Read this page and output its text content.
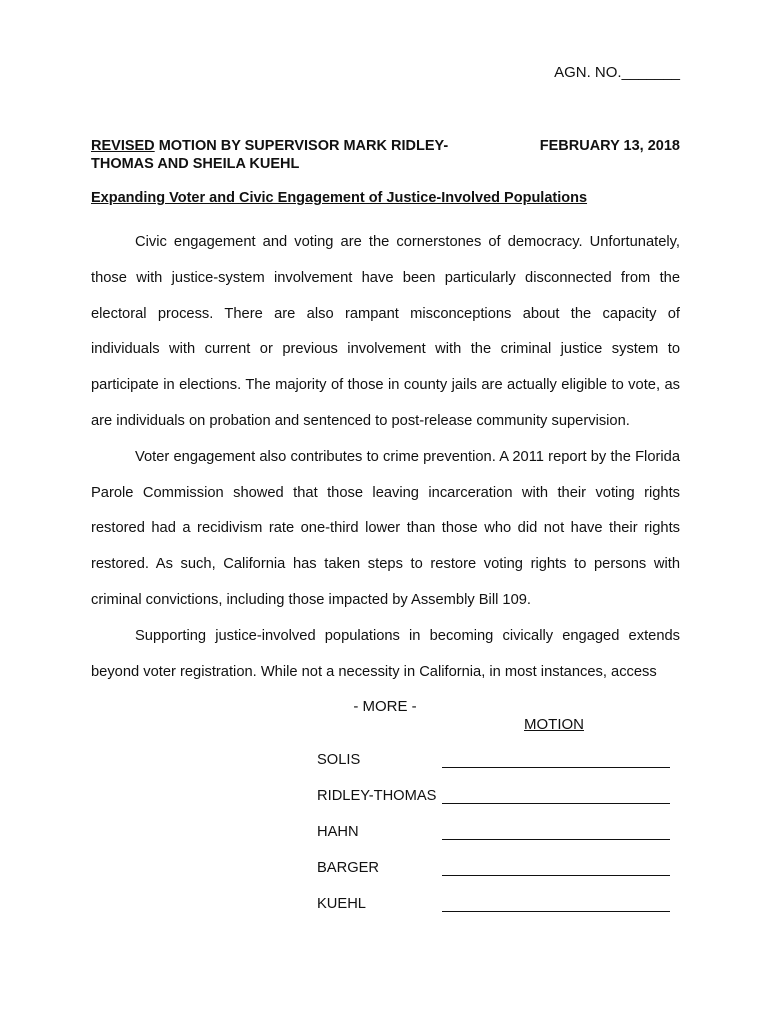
AGN. NO._______
REVISED MOTION BY SUPERVISOR MARK RIDLEY-THOMAS AND SHEILA KUEHL
FEBRUARY 13, 2018
Expanding Voter and Civic Engagement of Justice-Involved Populations

Civic engagement and voting are the cornerstones of democracy. Unfortunately, those with justice-system involvement have been particularly disconnected from the electoral process. There are also rampant misconceptions about the capacity of individuals with current or previous involvement with the criminal justice system to participate in elections. The majority of those in county jails are actually eligible to vote, as are individuals on probation and sentenced to post-release community supervision.

Voter engagement also contributes to crime prevention. A 2011 report by the Florida Parole Commission showed that those leaving incarceration with their voting rights restored had a recidivism rate one-third lower than those who did not have their rights restored. As such, California has taken steps to restore voting rights to persons with criminal convictions, including those impacted by Assembly Bill 109.

Supporting justice-involved populations in becoming civically engaged extends beyond voter registration. While not a necessity in California, in most instances, access

- MORE -
MOTION
SOLIS
RIDLEY-THOMAS
HAHN
BARGER
KUEHL
